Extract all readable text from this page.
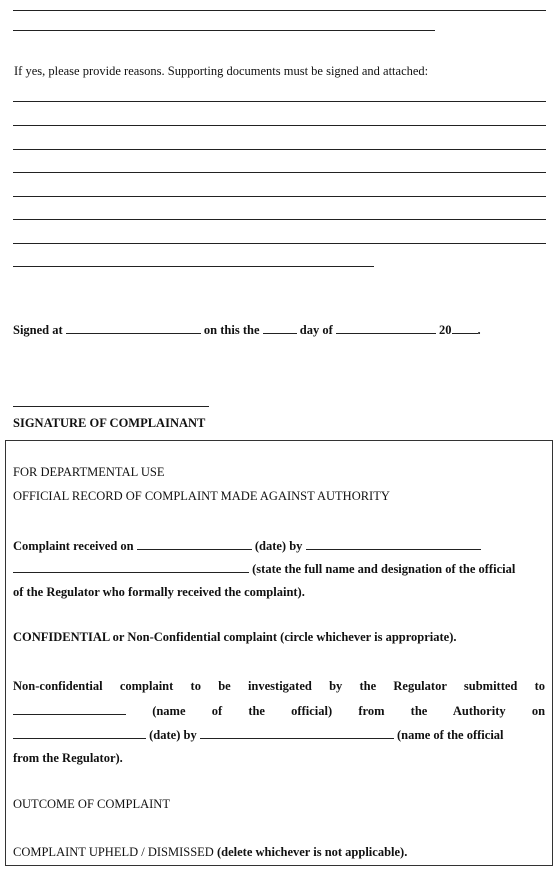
If yes, please provide reasons. Supporting documents must be signed and attached:
Signed at	on this the	day of	20 .
SIGNATURE OF COMPLAINANT
FOR DEPARTMENTAL USE
OFFICIAL RECORD OF COMPLAINT MADE AGAINST AUTHORITY
Complaint received on	(date) by
(state the full name and designation of the official
of the Regulator who formally received the complaint).
CONFIDENTIAL or Non-Confidential complaint (circle whichever is appropriate).
Non-confidential complaint to be investigated by the Regulator submitted to
(name of the official) from the Authority on
(date) by	(name of the official
from the Regulator).
OUTCOME OF COMPLAINT
COMPLAINT UPHELD / DISMISSED (delete whichever is not applicable).
